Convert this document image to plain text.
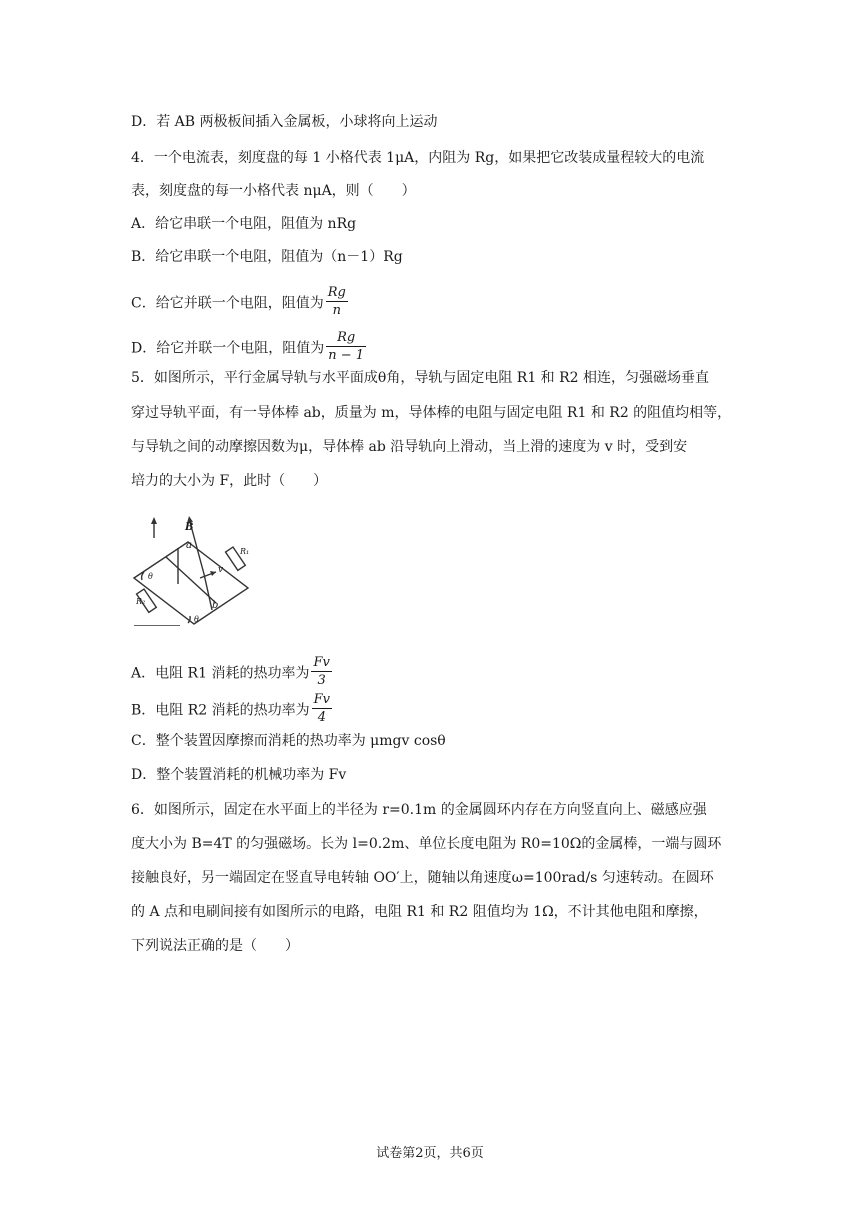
D．若 AB 两极板间插入金属板，小球将向上运动
4．一个电流表，刻度盘的每 1 小格代表 1μA，内阻为 Rg，如果把它改装成量程较大的电流
表，刻度盘的每一小格代表 nμA，则（　　）
A．给它串联一个电阻，阻值为 nRg
B．给它串联一个电阻，阻值为（n－1）Rg
C．给它并联一个电阻，阻值为 $\frac{Rg}{n}$
D．给它并联一个电阻，阻值为 $\frac{Rg}{n - 1}$
5．如图所示，平行金属导轨与水平面成θ角，导轨与固定电阻 R1 和 R2 相连，匀强磁场垂直
穿过导轨平面，有一导体棒 ab，质量为 m，导体棒的电阻与固定电阻 R1 和 R2 的阻值均相等，
与导轨之间的动摩擦因数为μ，导体棒 ab 沿导轨向上滑动，当上滑的速度为 v 时，受到安
培力的大小为 F，此时（　　）
B
a
b
v
R₁
R₂
θ
θ
A．电阻 R1 消耗的热功率为 $\frac{Fv}{3}$
B．电阻 R2 消耗的热功率为 $\frac{Fv}{4}$
C．整个装置因摩擦而消耗的热功率为 μmgv cosθ
D．整个装置消耗的机械功率为 Fv
6．如图所示，固定在水平面上的半径为 r=0.1m 的金属圆环内存在方向竖直向上、磁感应强
度大小为 B=4T 的匀强磁场。长为 l=0.2m、单位长度电阻为 R0=10Ω的金属棒，一端与圆环
接触良好，另一端固定在竖直导电转轴 OO′上，随轴以角速度ω=100rad/s 匀速转动。在圆环
的 A 点和电刷间接有如图所示的电路，电阻 R1 和 R2 阻值均为 1Ω，不计其他电阻和摩擦，
下列说法正确的是（　　）
试卷第2页，共6页
